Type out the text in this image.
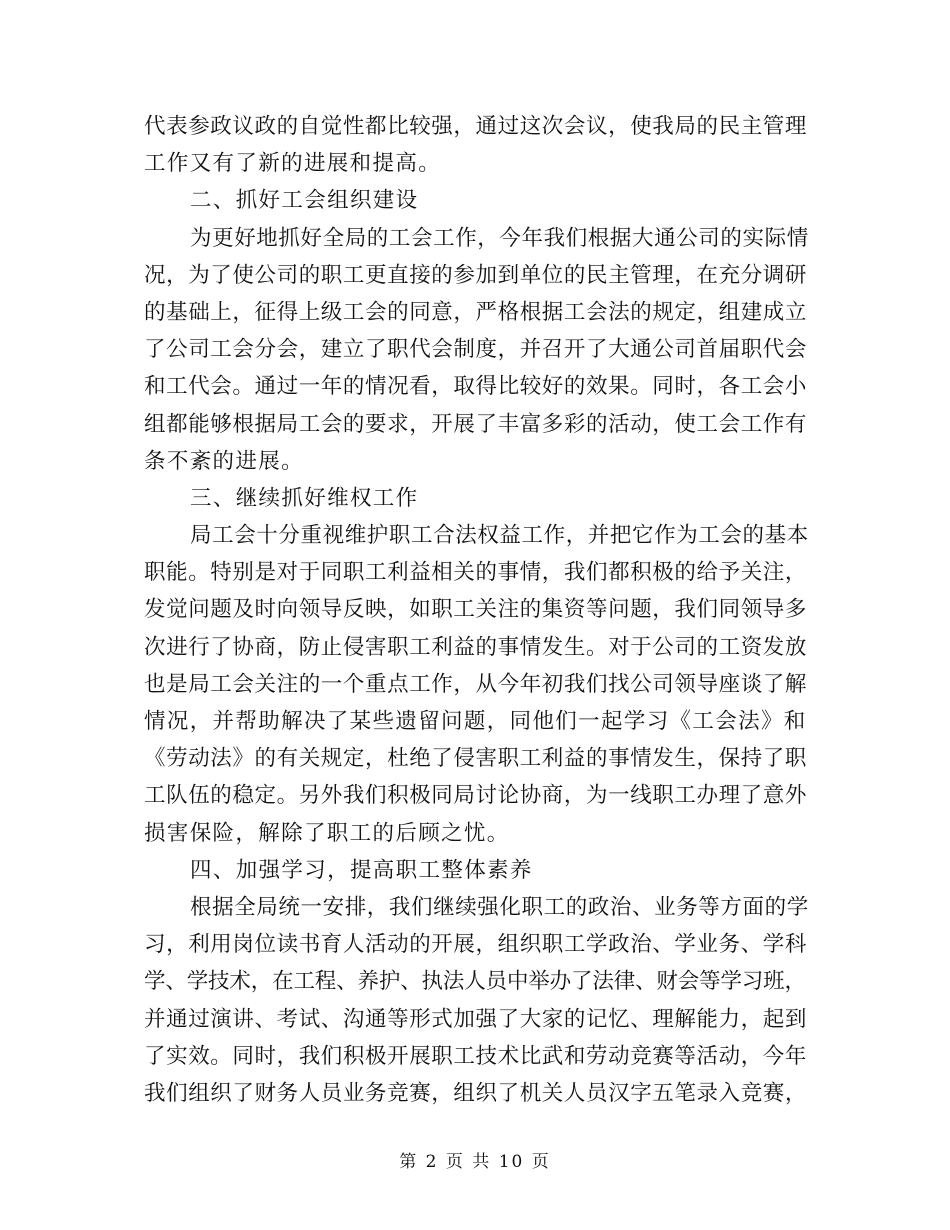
代表参政议政的自觉性都比较强，通过这次会议，使我局的民主管理
工作又有了新的进展和提高。
二、抓好工会组织建设
为更好地抓好全局的工会工作，今年我们根据大通公司的实际情
况，为了使公司的职工更直接的参加到单位的民主管理，在充分调研
的基础上，征得上级工会的同意，严格根据工会法的规定，组建成立
了公司工会分会，建立了职代会制度，并召开了大通公司首届职代会
和工代会。通过一年的情况看，取得比较好的效果。同时，各工会小
组都能够根据局工会的要求，开展了丰富多彩的活动，使工会工作有
条不紊的进展。
三、继续抓好维权工作
局工会十分重视维护职工合法权益工作，并把它作为工会的基本
职能。特别是对于同职工利益相关的事情，我们都积极的给予关注，
发觉问题及时向领导反映，如职工关注的集资等问题，我们同领导多
次进行了协商，防止侵害职工利益的事情发生。对于公司的工资发放
也是局工会关注的一个重点工作，从今年初我们找公司领导座谈了解
情况，并帮助解决了某些遗留问题，同他们一起学习《工会法》和
《劳动法》的有关规定，杜绝了侵害职工利益的事情发生，保持了职
工队伍的稳定。另外我们积极同局讨论协商，为一线职工办理了意外
损害保险，解除了职工的后顾之忧。
四、加强学习，提高职工整体素养
根据全局统一安排，我们继续强化职工的政治、业务等方面的学
习，利用岗位读书育人活动的开展，组织职工学政治、学业务、学科
学、学技术，在工程、养护、执法人员中举办了法律、财会等学习班，
并通过演讲、考试、沟通等形式加强了大家的记忆、理解能力，起到
了实效。同时，我们积极开展职工技术比武和劳动竞赛等活动，今年
我们组织了财务人员业务竞赛，组织了机关人员汉字五笔录入竞赛，
第 2 页 共 10 页
